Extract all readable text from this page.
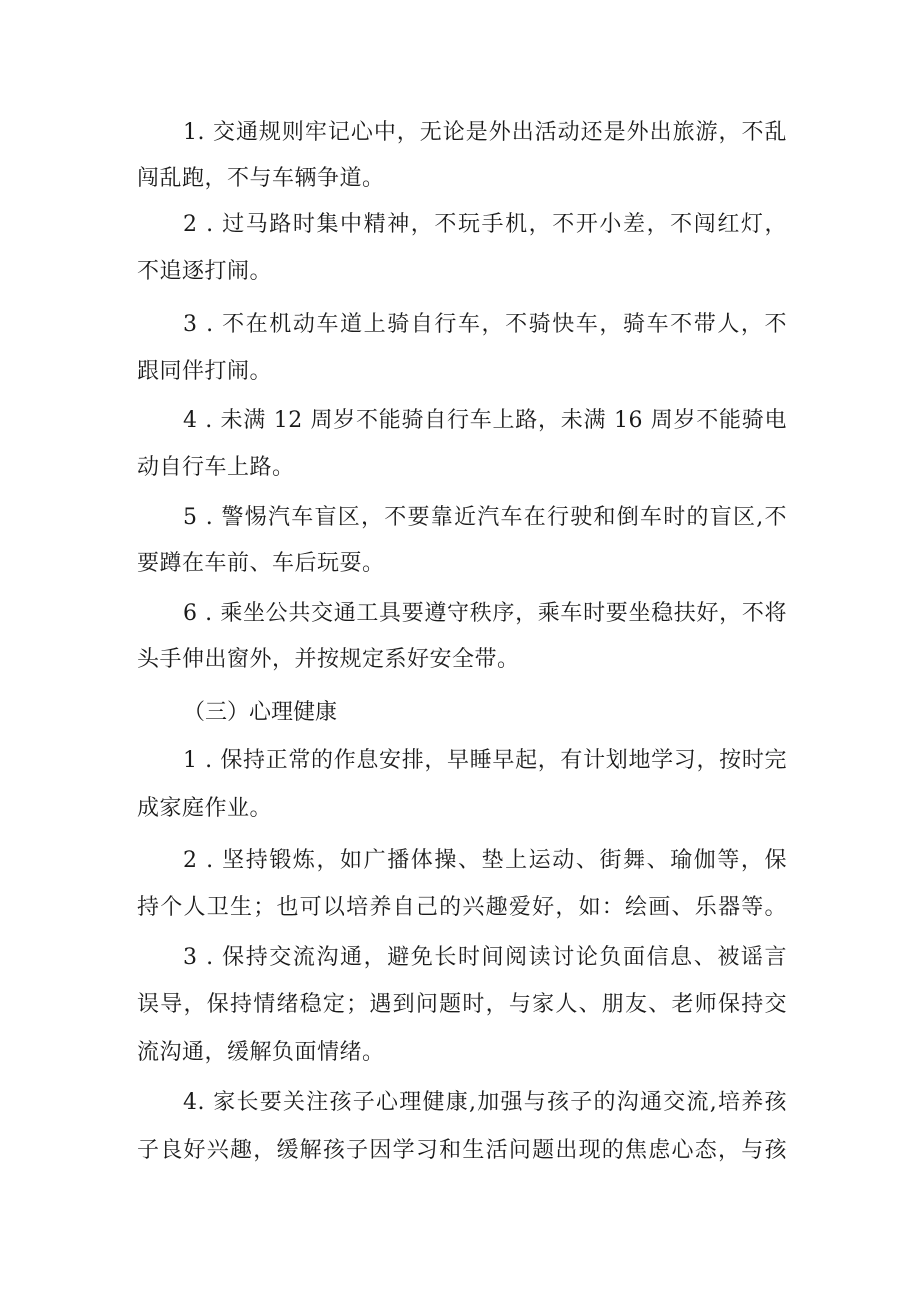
1. 交通规则牢记心中，无论是外出活动还是外出旅游，不乱
闯乱跑，不与车辆争道。
2 . 过马路时集中精神，不玩手机，不开小差，不闯红灯，
不追逐打闹。
3 . 不在机动车道上骑自行车，不骑快车，骑车不带人，不
跟同伴打闹。
4 . 未满 12 周岁不能骑自行车上路，未满 16 周岁不能骑电
动自行车上路。
5 . 警惕汽车盲区，不要靠近汽车在行驶和倒车时的盲区,不
要蹲在车前、车后玩耍。
6 . 乘坐公共交通工具要遵守秩序，乘车时要坐稳扶好，不将
头手伸出窗外，并按规定系好安全带。
（三）心理健康
1 . 保持正常的作息安排，早睡早起，有计划地学习，按时完
成家庭作业。
2 . 坚持锻炼，如广播体操、垫上运动、街舞、瑜伽等，保
持个人卫生；也可以培养自己的兴趣爱好，如：绘画、乐器等。
3 . 保持交流沟通，避免长时间阅读讨论负面信息、被谣言
误导，保持情绪稳定；遇到问题时，与家人、朋友、老师保持交
流沟通，缓解负面情绪。
4. 家长要关注孩子心理健康,加强与孩子的沟通交流,培养孩
子良好兴趣，缓解孩子因学习和生活问题出现的焦虑心态，与孩
